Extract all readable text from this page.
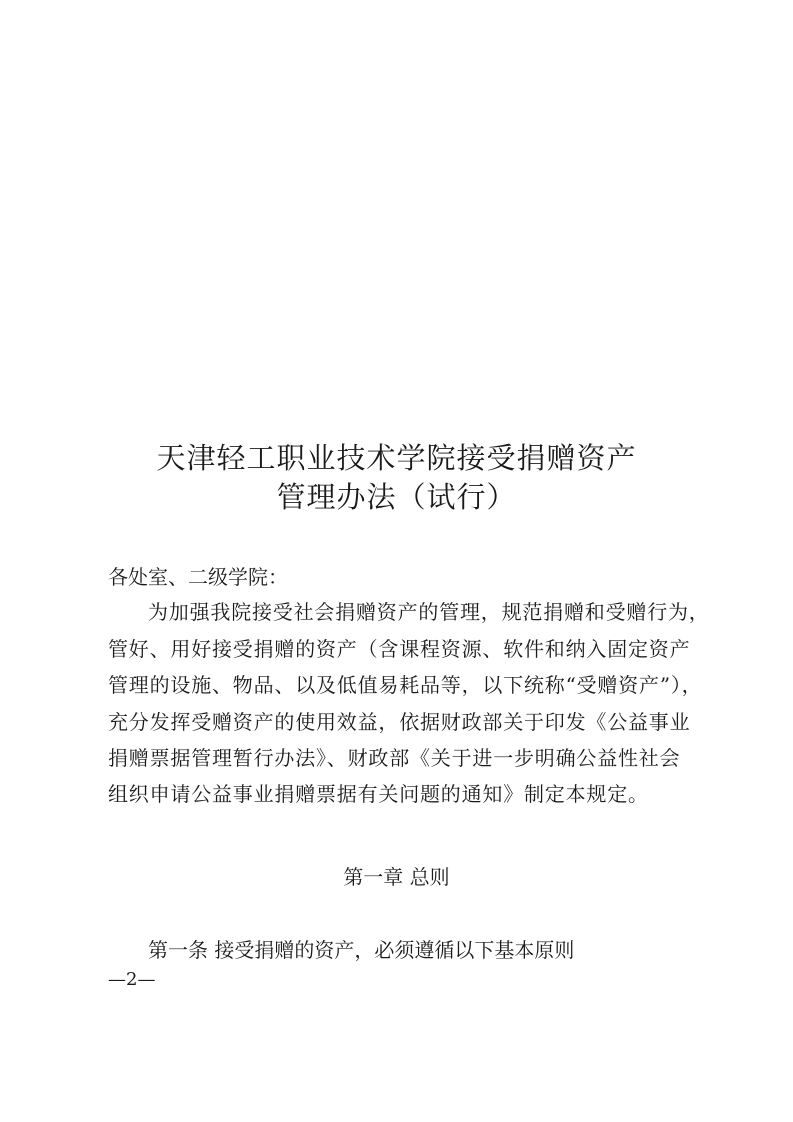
天津轻工职业技术学院接受捐赠资产
管理办法（试行）
各处室、二级学院：
为加强我院接受社会捐赠资产的管理，规范捐赠和受赠行为，
管好、用好接受捐赠的资产（含课程资源、软件和纳入固定资产
管理的设施、物品、以及低值易耗品等，以下统称“受赠资产”），
充分发挥受赠资产的使用效益，依据财政部关于印发《公益事业
捐赠票据管理暂行办法》、财政部《关于进一步明确公益性社会
组织申请公益事业捐赠票据有关问题的通知》制定本规定。
第一章 总则
第一条 接受捐赠的资产，必须遵循以下基本原则
—2—
